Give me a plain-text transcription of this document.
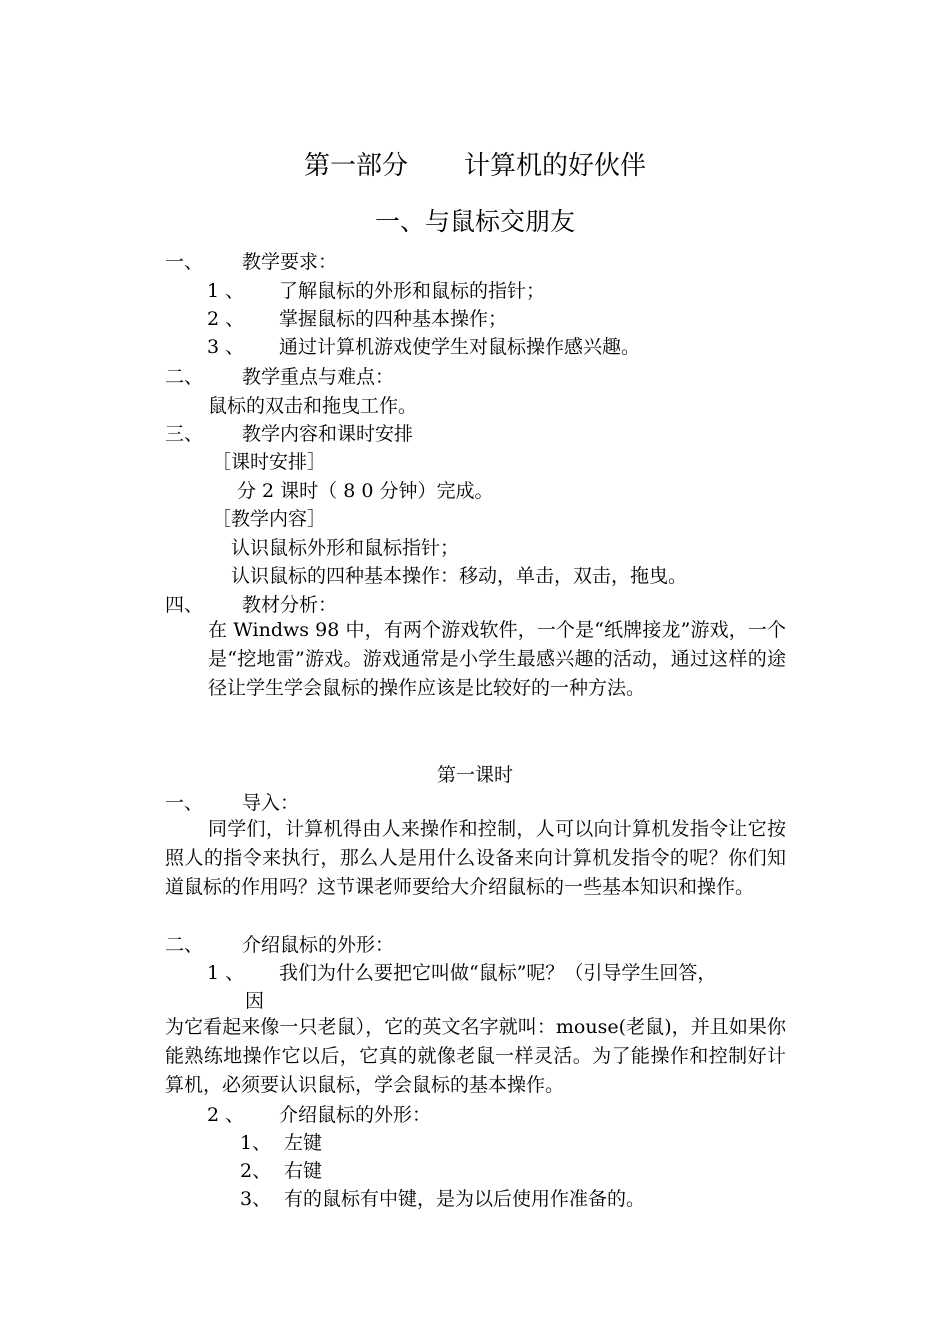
第一部分 计算机的好伙伴
一、与鼠标交朋友
一、 教学要求：
1 、 了解鼠标的外形和鼠标的指针；
2 、 掌握鼠标的四种基本操作；
3 、 通过计算机游戏使学生对鼠标操作感兴趣。
二、 教学重点与难点：
鼠标的双击和拖曳工作。
三、 教学内容和课时安排
［课时安排］
分 2 课时（ 8 0 分钟）完成。
［教学内容］
认识鼠标外形和鼠标指针；
认识鼠标的四种基本操作：移动，单击，双击，拖曳。
四、 教材分析：
在 Windws 98 中，有两个游戏软件，一个是“纸牌接龙”游戏，一个是“挖地雷”游戏。游戏通常是小学生最感兴趣的活动，通过这样的途径让学生学会鼠标的操作应该是比较好的一种方法。
第一课时
一、 导入：
同学们，计算机得由人来操作和控制，人可以向计算机发指令让它按照人的指令来执行，那么人是用什么设备来向计算机发指令的呢？你们知道鼠标的作用吗？这节课老师要给大介绍鼠标的一些基本知识和操作。
二、 介绍鼠标的外形：
1 、 我们为什么要把它叫做“鼠标”呢？（引导学生回答，
因
为它看起来像一只老鼠），它的英文名字就叫：mouse(老鼠)，并且如果你能熟练地操作它以后，它真的就像老鼠一样灵活。为了能操作和控制好计算机，必须要认识鼠标，学会鼠标的基本操作。
2 、 介绍鼠标的外形：
1、 左键
2、 右键
3、 有的鼠标有中键，是为以后使用作准备的。
